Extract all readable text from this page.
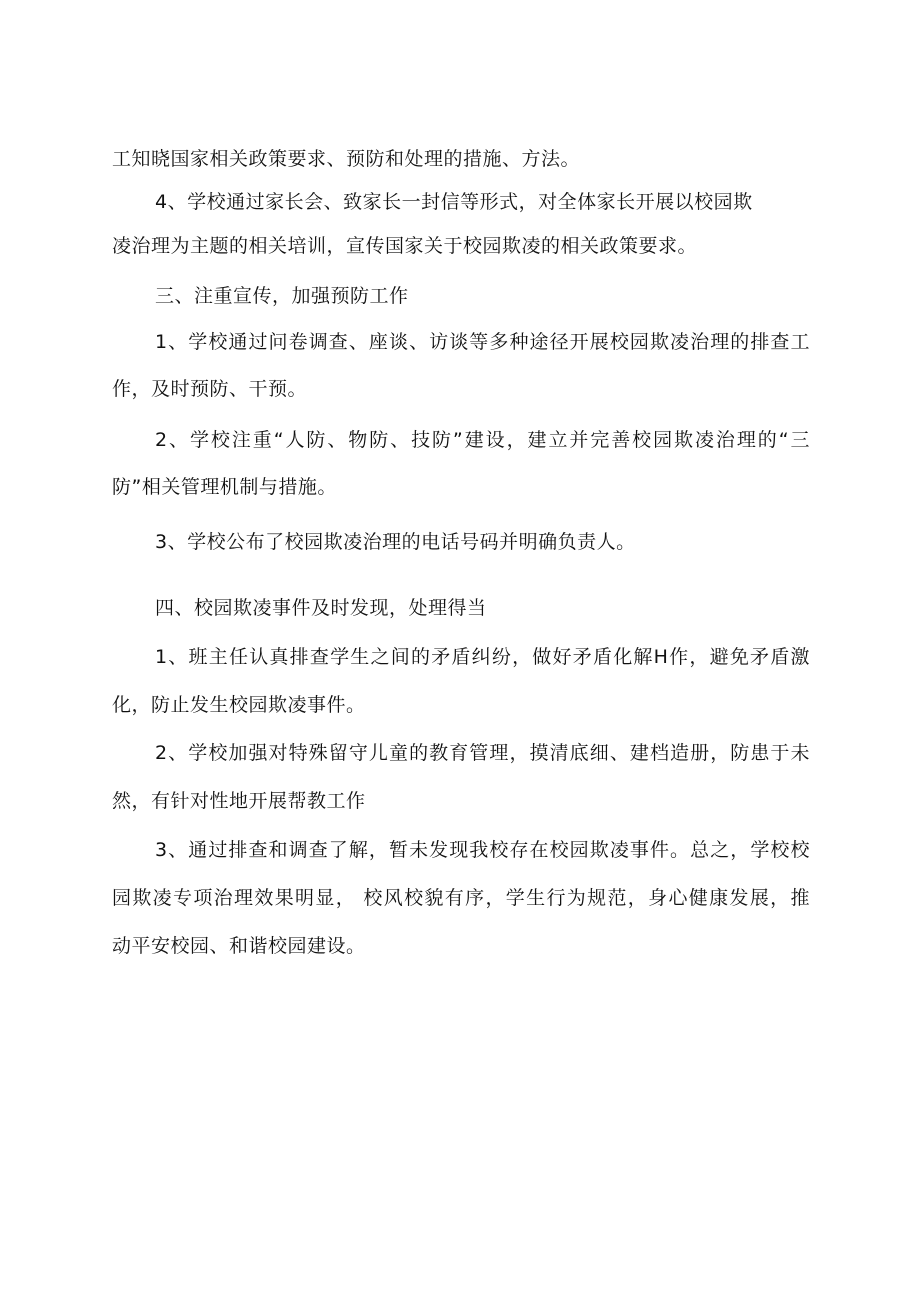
工知晓国家相关政策要求、预防和处理的措施、方法。
4、学校通过家长会、致家长一封信等形式，对全体家长开展以校园欺
凌治理为主题的相关培训，宣传国家关于校园欺凌的相关政策要求。
三、注重宣传，加强预防工作
1、学校通过问卷调查、座谈、访谈等多种途径开展校园欺凌治理的排查工
作，及时预防、干预。
2、学校注重“人防、物防、技防”建设，建立并完善校园欺凌治理的“三
防”相关管理机制与措施。
3、学校公布了校园欺凌治理的电话号码并明确负责人。
四、校园欺凌事件及时发现，处理得当
1、班主任认真排查学生之间的矛盾纠纷，做好矛盾化解H作，避免矛盾激
化，防止发生校园欺凌事件。
2、学校加强对特殊留守儿童的教育管理，摸清底细、建档造册，防患于未
然，有针对性地开展帮教工作
3、通过排查和调查了解，暂未发现我校存在校园欺凌事件。总之，学校校
园欺凌专项治理效果明显， 校风校貌有序，学生行为规范，身心健康发展，推
动平安校园、和谐校园建设。
